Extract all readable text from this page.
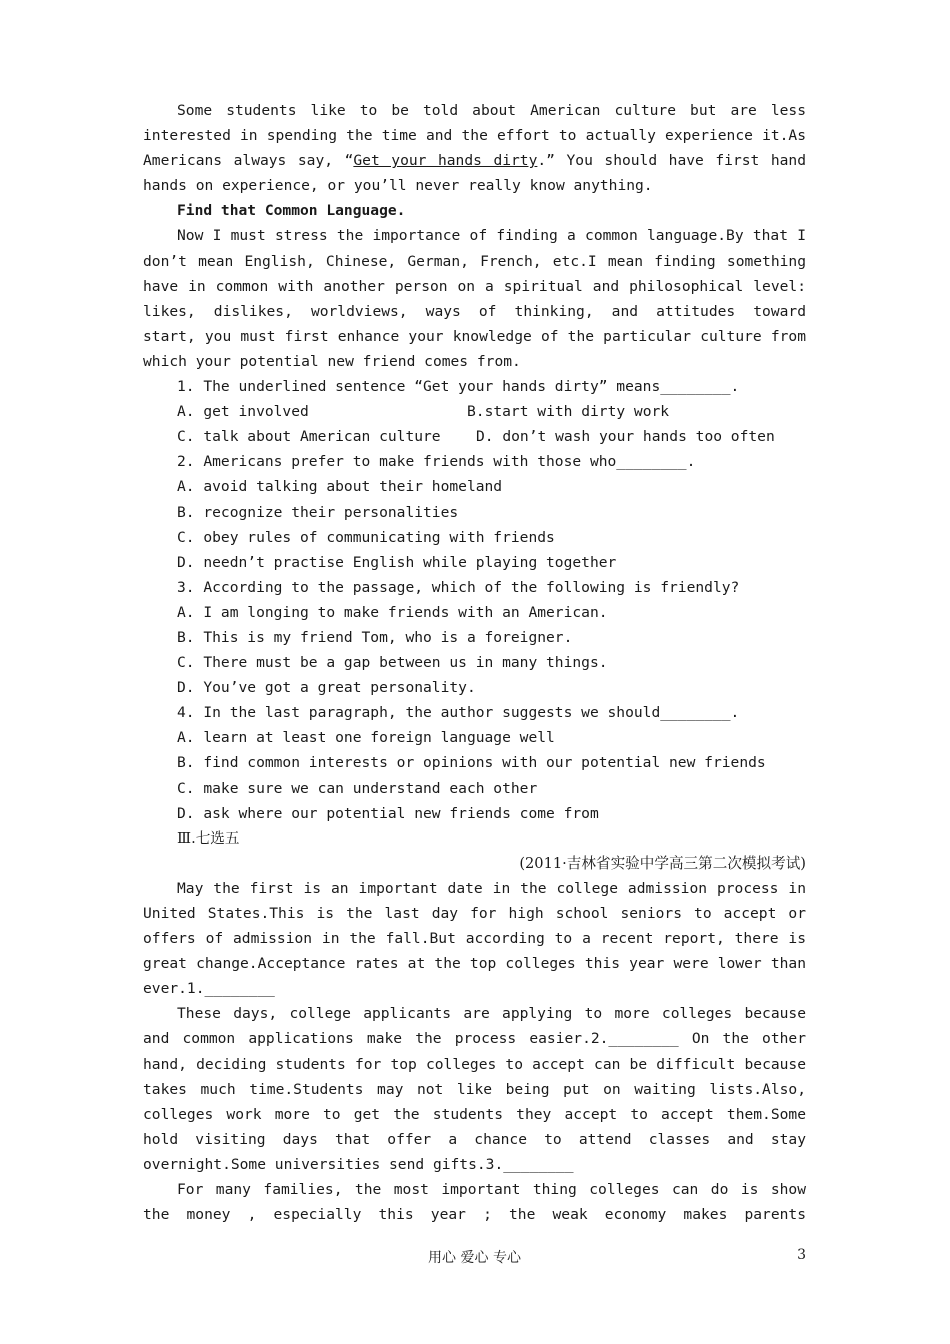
Some students like to be told about American culture but are less
interested in spending the time and the effort to actually experience it.As
Americans always say, “Get your hands dirty.” You should have first hand
hands on experience, or you’ll never really know anything.
Find that Common Language.
Now I must stress the importance of finding a common language.By that I
don’t mean English, Chinese, German, French, etc.I mean finding something
have in common with another person on a spiritual and philosophical level:
likes, dislikes, worldviews, ways of thinking, and attitudes toward
start, you must first enhance your knowledge of the particular culture from
which your potential new friend comes from.
1. The underlined sentence “Get your hands dirty” means________.
A. get involved	B.start with dirty work
C. talk about American culture	D. don’t wash your hands too often
2. Americans prefer to make friends with those who________.
A. avoid talking about their homeland
B. recognize their personalities
C. obey rules of communicating with friends
D. needn’t practise English while playing together
3. According to the passage, which of the following is friendly?
A. I am longing to make friends with an American.
B. This is my friend Tom, who is a foreigner.
C. There must be a gap between us in many things.
D. You’ve got a great personality.
4. In the last paragraph, the author suggests we should________.
A. learn at least one foreign language well
B. find common interests or opinions with our potential new friends
C. make sure we can understand each other
D. ask where our potential new friends come from
Ⅲ.七选五
(2011·吉林省实验中学高三第二次模拟考试)
May the first is an important date in the college admission process in
United States.This is the last day for high school seniors to accept or
offers of admission in the fall.But according to a recent report, there is
great change.Acceptance rates at the top colleges this year were lower than
ever.1.________
These days, college applicants are applying to more colleges because
and common applications make the process easier.2.________ On the other
hand, deciding students for top colleges to accept can be difficult because
takes much time.Students may not like being put on waiting lists.Also,
colleges work more to get the students they accept to accept them.Some
hold visiting days that offer a chance to attend classes and stay
overnight.Some universities send gifts.3.________
For many families, the most important thing colleges can do is show
the money , especially this year ; the weak economy makes parents
用心 爱心 专心	3
